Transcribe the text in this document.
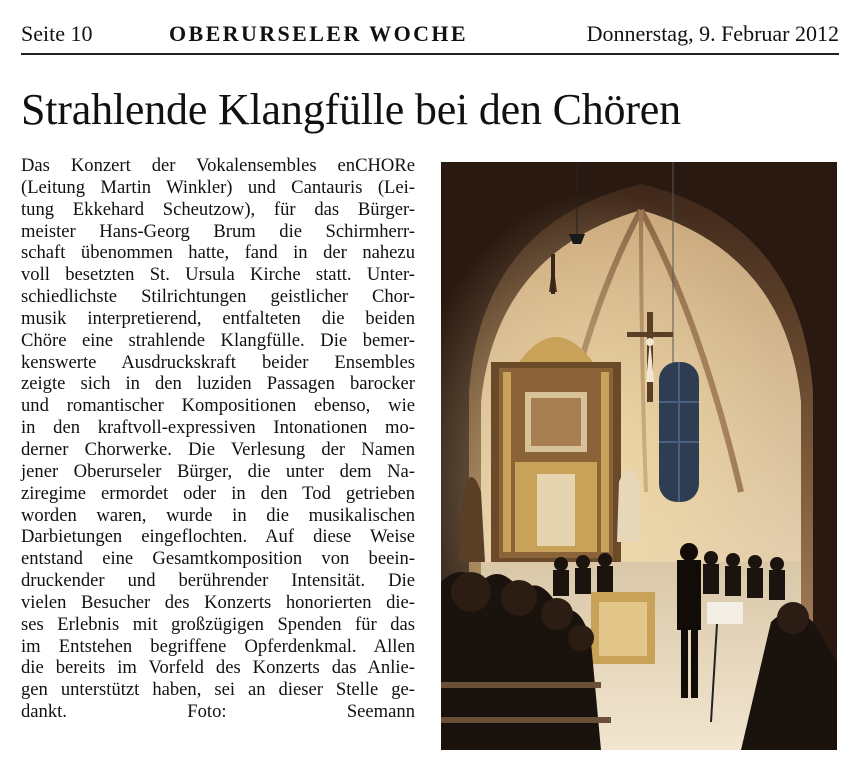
Seite 10	OBERURSELER WOCHE	Donnerstag, 9. Februar 2012
Strahlende Klangfülle bei den Chören
Das Konzert der Vokalensembles enCHORe
(Leitung Martin Winkler) und Cantauris (Lei-
tung Ekkehard Scheutzow), für das Bürger-
meister Hans-Georg Brum die Schirmherr-
schaft übenommen hatte, fand in der nahezu
voll besetzten St. Ursula Kirche statt. Unter-
schiedlichste Stilrichtungen geistlicher Chor-
musik interpretierend, entfalteten die beiden
Chöre eine strahlende Klangfülle. Die bemer-
kenswerte Ausdruckskraft beider Ensembles
zeigte sich in den luziden Passagen barocker
und romantischer Kompositionen ebenso, wie
in den kraftvoll-expressiven Intonationen mo-
derner Chorwerke. Die Verlesung der Namen
jener Oberurseler Bürger, die unter dem Na-
ziregime ermordet oder in den Tod getrieben
worden waren, wurde in die musikalischen
Darbietungen eingeflochten. Auf diese Weise
entstand eine Gesamtkomposition von beein-
druckender und berührender Intensität. Die
vielen Besucher des Konzerts honorierten die-
ses Erlebnis mit großzügigen Spenden für das
im Entstehen begriffene Opferdenkmal. Allen
die bereits im Vorfeld des Konzerts das Anlie-
gen unterstützt haben, sei an dieser Stelle ge-
dankt.	Foto: Seemann
